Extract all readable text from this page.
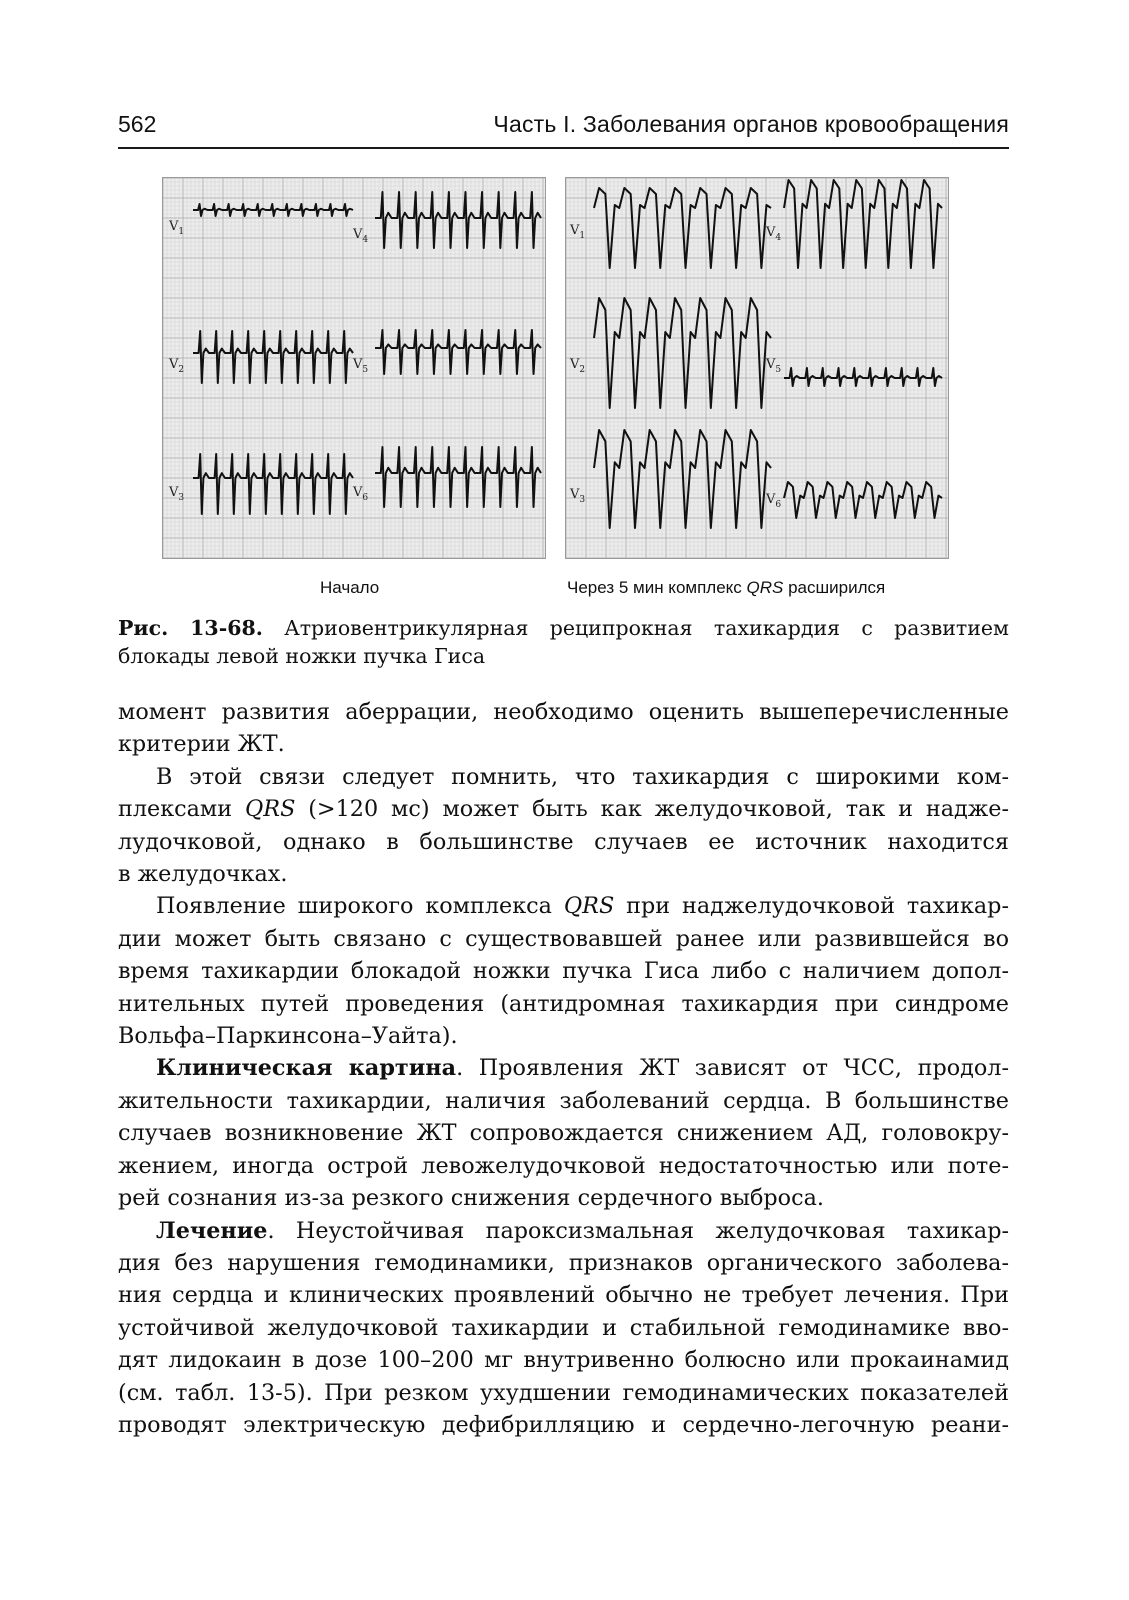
562	Часть I. Заболевания органов кровообращения
$V_1$
$V_2$
$V_3$
$V_4$
$V_5$
$V_6$
$V_1$
$V_2$
$V_3$
$V_4$
$V_5$
$V_6$
Начало	Через 5 мин комплекс QRS расширился
Рис. 13-68. Атриовентрикулярная реципрокная тахикардия с развитием блокады левой ножки пучка Гиса

момент развития аберрации, необходимо оценить вышеперечисленные

критерии ЖТ.

В этой связи следует помнить, что тахикардия с широкими ком-

плексами QRS (>120 мс) может быть как желудочковой, так и надже-

лудочковой, однако в большинстве случаев ее источник находится

в желудочках.

Появление широкого комплекса QRS при наджелудочковой тахикар-

дии может быть связано с существовавшей ранее или развившейся во

время тахикардии блокадой ножки пучка Гиса либо с наличием допол-

нительных путей проведения (антидромная тахикардия при синдроме

Вольфа–Паркинсона–Уайта).

Клиническая картина. Проявления ЖТ зависят от ЧСС, продол-

жительности тахикардии, наличия заболеваний сердца. В большинстве

случаев возникновение ЖТ сопровождается снижением АД, головокру-

жением, иногда острой левожелудочковой недостаточностью или поте-

рей сознания из-за резкого снижения сердечного выброса.

Лечение. Неустойчивая пароксизмальная желудочковая тахикар-

дия без нарушения гемодинамики, признаков органического заболева-

ния сердца и клинических проявлений обычно не требует лечения. При

устойчивой желудочковой тахикардии и стабильной гемодинамике вво-

дят лидокаин в дозе 100–200 мг внутривенно болюсно или прокаинамид

(см. табл. 13-5). При резком ухудшении гемодинамических показателей

проводят электрическую дефибрилляцию и сердечно-легочную реани-
